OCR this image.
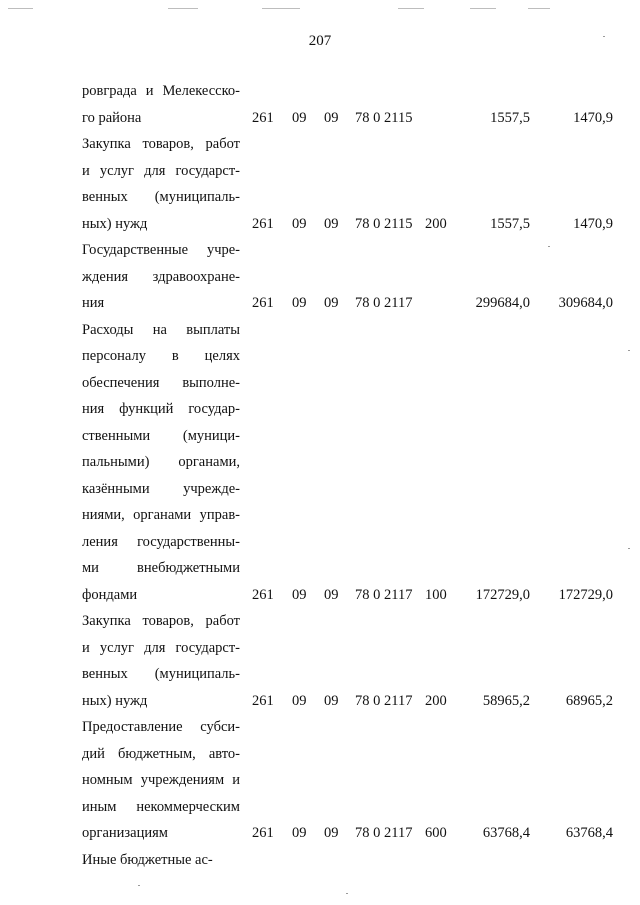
207
ровграда и Мелекесско-
го района	261 09 09 78 0 2115	1557,5	1470,9
Закупка товаров, работ
и услуг для государст-
венных (муниципаль-
ных) нужд	261 09 09 78 0 2115 200	1557,5	1470,9
Государственные учре-
ждения здравоохране-
ния	261 09 09 78 0 2117	299684,0	309684,0
Расходы на выплаты
персоналу в целях
обеспечения выполне-
ния функций государ-
ственными (муници-
пальными) органами,
казёнными учрежде-
ниями, органами управ-
ления государственны-
ми внебюджетными
фондами	261 09 09 78 0 2117 100	172729,0	172729,0
Закупка товаров, работ
и услуг для государст-
венных (муниципаль-
ных) нужд	261 09 09 78 0 2117 200	58965,2	68965,2
Предоставление субси-
дий бюджетным, авто-
номным учреждениям и
иным некоммерческим
организациям	261 09 09 78 0 2117 600	63768,4	63768,4
Иные бюджетные ас-
